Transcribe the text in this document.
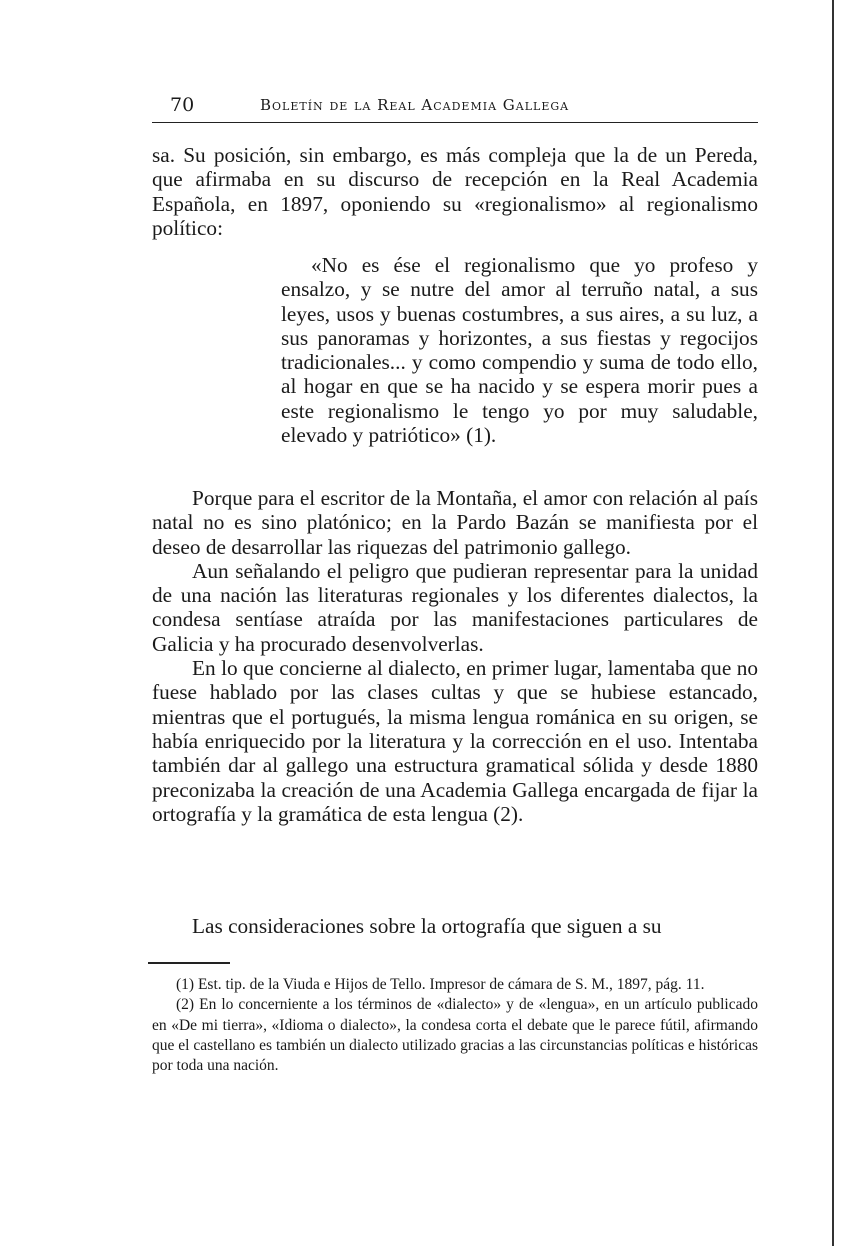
70	Boletín de la Real Academia Gallega

sa. Su posición, sin embargo, es más compleja que la de un Pereda, que afirmaba en su discurso de recepción en la Real Academia Española, en 1897, oponiendo su «regionalismo» al regionalismo político:

«No es ése el regionalismo que yo profeso y ensalzo, y se nutre del amor al terruño natal, a sus leyes, usos y buenas costumbres, a sus aires, a su luz, a sus panoramas y horizontes, a sus fiestas y regocijos tradicionales... y como compendio y suma de todo ello, al hogar en que se ha nacido y se espera morir pues a este regionalismo le tengo yo por muy saludable, elevado y patriótico» (1).

Porque para el escritor de la Montaña, el amor con relación al país natal no es sino platónico; en la Pardo Bazán se manifiesta por el deseo de desarrollar las riquezas del patrimonio gallego.

Aun señalando el peligro que pudieran representar para la unidad de una nación las literaturas regionales y los diferentes dialectos, la condesa sentíase atraída por las manifestaciones particulares de Galicia y ha procurado desenvolverlas.

En lo que concierne al dialecto, en primer lugar, lamentaba que no fuese hablado por las clases cultas y que se hubiese estancado, mientras que el portugués, la misma lengua románica en su origen, se había enriquecido por la literatura y la corrección en el uso. Intentaba también dar al gallego una estructura gramatical sólida y desde 1880 preconizaba la creación de una Academia Gallega encargada de fijar la ortografía y la gramática de esta lengua (2).

Las consideraciones sobre la ortografía que siguen a su

(1) Est. tip. de la Viuda e Hijos de Tello. Impresor de cámara de S. M., 1897, pág. 11.

(2) En lo concerniente a los términos de «dialecto» y de «lengua», en un artículo publicado en «De mi tierra», «Idioma o dialecto», la condesa corta el debate que le parece fútil, afirmando que el castellano es también un dialecto utilizado gracias a las circunstancias políticas e históricas por toda una nación.
